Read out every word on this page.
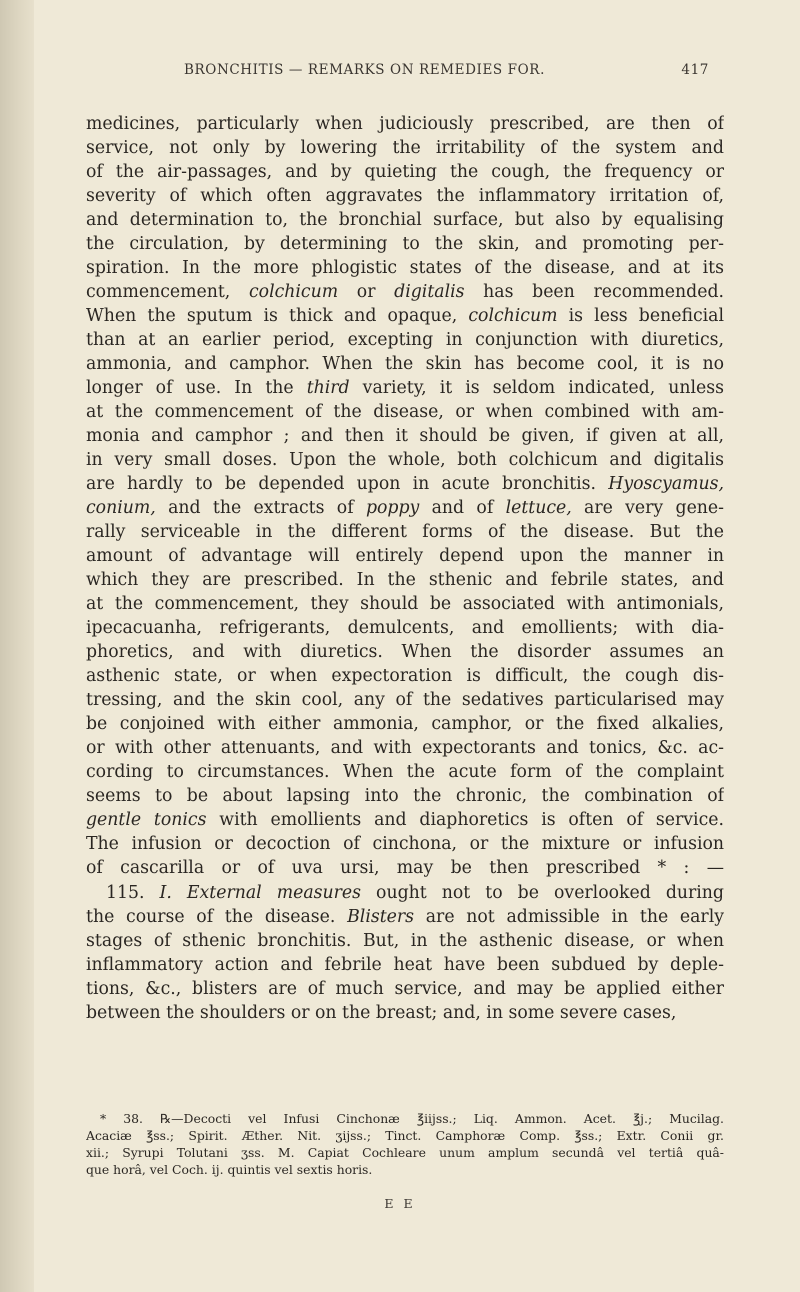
BRONCHITIS — REMARKS ON REMEDIES FOR.	417
medicines, particularly when judiciously prescribed, are then of
service, not only by lowering the irritability of the system and
of the air-passages, and by quieting the cough, the frequency or
severity of which often aggravates the inflammatory irritation of,
and determination to, the bronchial surface, but also by equalising
the circulation, by determining to the skin, and promoting per-
spiration. In the more phlogistic states of the disease, and at its
commencement, colchicum or digitalis has been recommended.
When the sputum is thick and opaque, colchicum is less beneficial
than at an earlier period, excepting in conjunction with diuretics,
ammonia, and camphor. When the skin has become cool, it is no
longer of use. In the third variety, it is seldom indicated, unless
at the commencement of the disease, or when combined with am-
monia and camphor ; and then it should be given, if given at all,
in very small doses. Upon the whole, both colchicum and digitalis
are hardly to be depended upon in acute bronchitis. Hyoscyamus,
conium, and the extracts of poppy and of lettuce, are very gene-
rally serviceable in the different forms of the disease. But the
amount of advantage will entirely depend upon the manner in
which they are prescribed. In the sthenic and febrile states, and
at the commencement, they should be associated with antimonials,
ipecacuanha, refrigerants, demulcents, and emollients; with dia-
phoretics, and with diuretics. When the disorder assumes an
asthenic state, or when expectoration is difficult, the cough dis-
tressing, and the skin cool, any of the sedatives particularised may
be conjoined with either ammonia, camphor, or the fixed alkalies,
or with other attenuants, and with expectorants and tonics, &c. ac-
cording to circumstances. When the acute form of the complaint
seems to be about lapsing into the chronic, the combination of
gentle tonics with emollients and diaphoretics is often of service.
The infusion or decoction of cinchona, or the mixture or infusion
of cascarilla or of uva ursi, may be then prescribed * : —
115. I. External measures ought not to be overlooked during
the course of the disease. Blisters are not admissible in the early
stages of sthenic bronchitis. But, in the asthenic disease, or when
inflammatory action and febrile heat have been subdued by deple-
tions, &c., blisters are of much service, and may be applied either
between the shoulders or on the breast; and, in some severe cases,
* 38. ℞—Decocti vel Infusi Cinchonæ ℥iijss.; Liq. Ammon. Acet. ℥j.; Mucilag.
Acaciæ ℥ss.; Spirit. Æther. Nit. ʒijss.; Tinct. Camphoræ Comp. ℥ss.; Extr. Conii gr.
xii.; Syrupi Tolutani ʒss. M. Capiat Cochleare unum amplum secundâ vel tertiâ quâ-
que horâ, vel Coch. ij. quintis vel sextis horis.
E E
